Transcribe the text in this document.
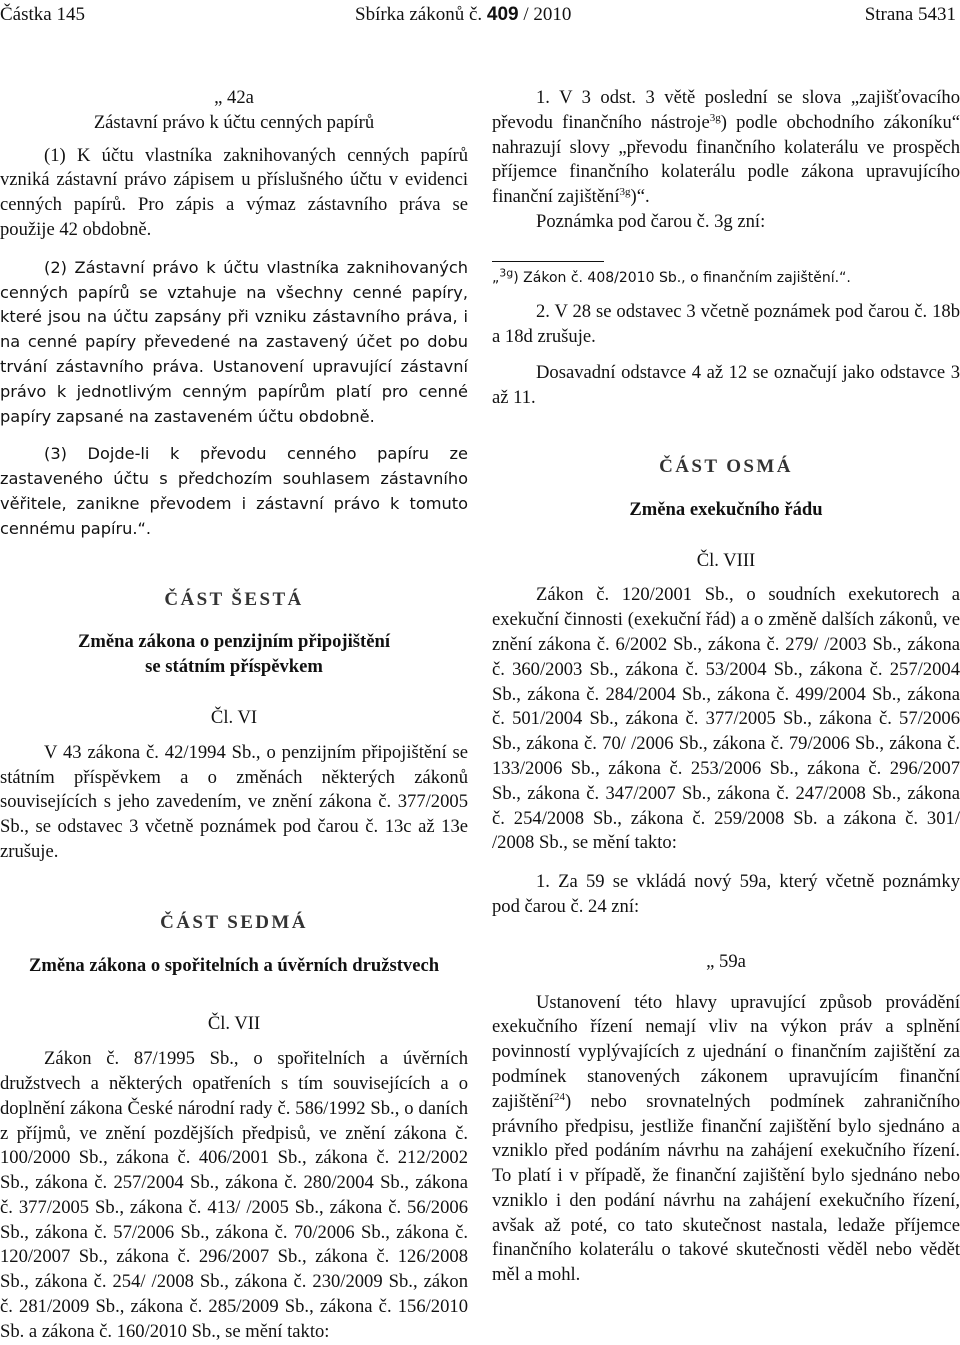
Částka 145	Sbírka zákonů č. 409 / 2010	Strana 5431

„ 42a

Zástavní právo k účtu cenných papírů

(1) K účtu vlastníka zaknihovaných cenných papírů vzniká zástavní právo zápisem u příslušného účtu v evidenci cenných papírů. Pro zápis a výmaz zástavního práva se použije 42 obdobně.

(2) Zástavní právo k účtu vlastníka zaknihovaných cenných papírů se vztahuje na všechny cenné papíry, které jsou na účtu zapsány při vzniku zástavního práva, i na cenné papíry převedené na zastavený účet po dobu trvání zástavního práva. Ustanovení upravující zástavní právo k jednotlivým cenným papírům platí pro cenné papíry zapsané na zastaveném účtu obdobně.

(3) Dojde-li k převodu cenného papíru ze zastaveného účtu s předchozím souhlasem zástavního věřitele, zanikne převodem i zástavní právo k tomuto cennému papíru.“.

ČÁST ŠESTÁ

Změna zákona o penzijním připojištění

se státním příspěvkem

Čl. VI

V 43 zákona č. 42/1994 Sb., o penzijním připojištění se státním příspěvkem a o změnách některých zákonů souvisejících s jeho zavedením, ve znění zákona č. 377/2005 Sb., se odstavec 3 včetně poznámek pod čarou č. 13c až 13e zrušuje.

ČÁST SEDMÁ

Změna zákona o spořitelních a úvěrních družstvech

Čl. VII

Zákon č. 87/1995 Sb., o spořitelních a úvěrních družstvech a některých opatřeních s tím souvisejících a o doplnění zákona České národní rady č. 586/1992 Sb., o daních z příjmů, ve znění pozdějších předpisů, ve znění zákona č. 100/2000 Sb., zákona č. 406/2001 Sb., zákona č. 212/2002 Sb., zákona č. 257/2004 Sb., zákona č. 280/2004 Sb., zákona č. 377/2005 Sb., zákona č. 413/ /2005 Sb., zákona č. 56/2006 Sb., zákona č. 57/2006 Sb., zákona č. 70/2006 Sb., zákona č. 120/2007 Sb., zákona č. 296/2007 Sb., zákona č. 126/2008 Sb., zákona č. 254/ /2008 Sb., zákona č. 230/2009 Sb., zákon č. 281/2009 Sb., zákona č. 285/2009 Sb., zákona č. 156/2010 Sb. a zákona č. 160/2010 Sb., se mění takto:

1. V 3 odst. 3 větě poslední se slova „zajišťovacího převodu finančního nástroje$^{3g}$) podle obchodního zákoníku“ nahrazují slovy „převodu finančního kolaterálu ve prospěch příjemce finančního kolaterálu podle zákona upravujícího finanční zajištění$^{3g}$)“.

Poznámka pod čarou č. 3g zní:

„$^{3g}$) Zákon č. 408/2010 Sb., o finančním zajištění.“.

2. V 28 se odstavec 3 včetně poznámek pod čarou č. 18b a 18d zrušuje.

Dosavadní odstavce 4 až 12 se označují jako odstavce 3 až 11.

ČÁST OSMÁ

Změna exekučního řádu

Čl. VIII

Zákon č. 120/2001 Sb., o soudních exekutorech a exekuční činnosti (exekuční řád) a o změně dalších zákonů, ve znění zákona č. 6/2002 Sb., zákona č. 279/ /2003 Sb., zákona č. 360/2003 Sb., zákona č. 53/2004 Sb., zákona č. 257/2004 Sb., zákona č. 284/2004 Sb., zákona č. 499/2004 Sb., zákona č. 501/2004 Sb., zákona č. 377/2005 Sb., zákona č. 57/2006 Sb., zákona č. 70/ /2006 Sb., zákona č. 79/2006 Sb., zákona č. 133/2006 Sb., zákona č. 253/2006 Sb., zákona č. 296/2007 Sb., zákona č. 347/2007 Sb., zákona č. 247/2008 Sb., zákona č. 254/2008 Sb., zákona č. 259/2008 Sb. a zákona č. 301/ /2008 Sb., se mění takto:

1. Za 59 se vkládá nový 59a, který včetně poznámky pod čarou č. 24 zní:

„ 59a

Ustanovení této hlavy upravující způsob provádění exekučního řízení nemají vliv na výkon práv a splnění povinností vyplývajících z ujednání o finančním zajištění za podmínek stanovených zákonem upravujícím finanční zajištění$^{24}$) nebo srovnatelných podmínek zahraničního právního předpisu, jestliže finanční zajištění bylo sjednáno a vzniklo před podáním návrhu na zahájení exekučního řízení. To platí i v případě, že finanční zajištění bylo sjednáno nebo vzniklo i den podání návrhu na zahájení exekučního řízení, avšak až poté, co tato skutečnost nastala, ledaže příjemce finančního kolaterálu o takové skutečnosti věděl nebo vědět měl a mohl.
